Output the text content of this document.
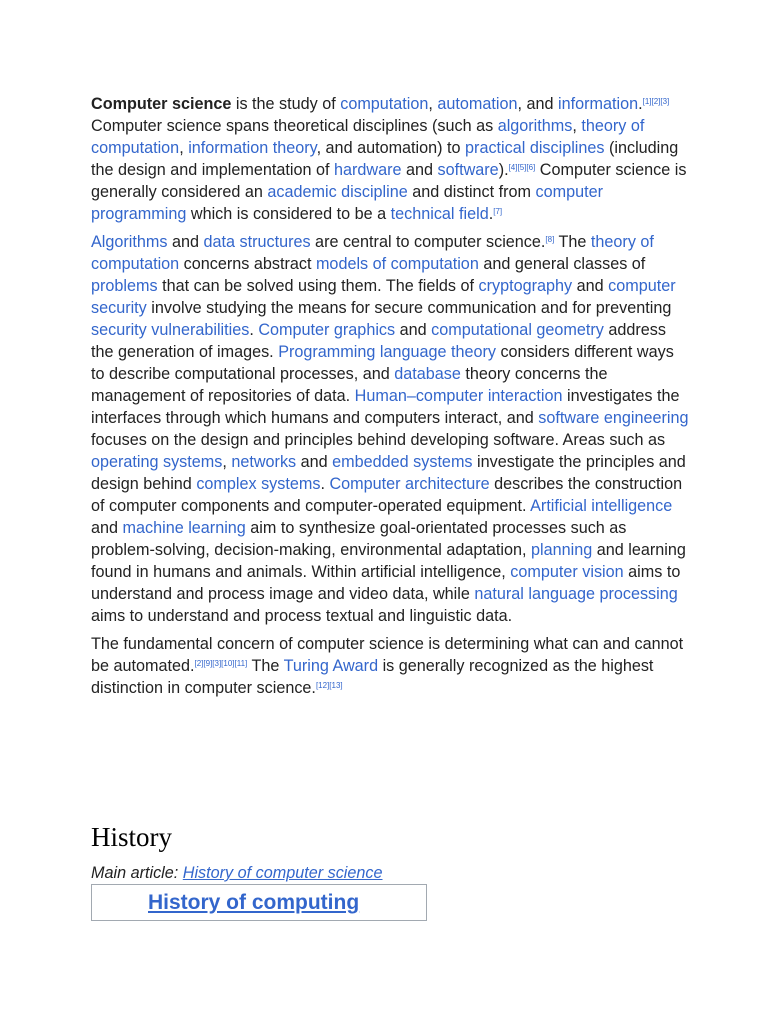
Computer science is the study of computation, automation, and information.[1][2][3] Computer science spans theoretical disciplines (such as algorithms, theory of computation, information theory, and automation) to practical disciplines (including the design and implementation of hardware and software).[4][5][6] Computer science is generally considered an academic discipline and distinct from computer programming which is considered to be a technical field.[7]

Algorithms and data structures are central to computer science.[8] The theory of computation concerns abstract models of computation and general classes of problems that can be solved using them. The fields of cryptography and computer security involve studying the means for secure communication and for preventing security vulnerabilities. Computer graphics and computational geometry address the generation of images. Programming language theory considers different ways to describe computational processes, and database theory concerns the management of repositories of data. Human–computer interaction investigates the interfaces through which humans and computers interact, and software engineering focuses on the design and principles behind developing software. Areas such as operating systems, networks and embedded systems investigate the principles and design behind complex systems. Computer architecture describes the construction of computer components and computer-operated equipment. Artificial intelligence and machine learning aim to synthesize goal-orientated processes such as problem-solving, decision-making, environmental adaptation, planning and learning found in humans and animals. Within artificial intelligence, computer vision aims to understand and process image and video data, while natural language processing aims to understand and process textual and linguistic data.

The fundamental concern of computer science is determining what can and cannot be automated.[2][9][3][10][11] The Turing Award is generally recognized as the highest distinction in computer science.[12][13]

History
Main article: History of computer science
History of computing
